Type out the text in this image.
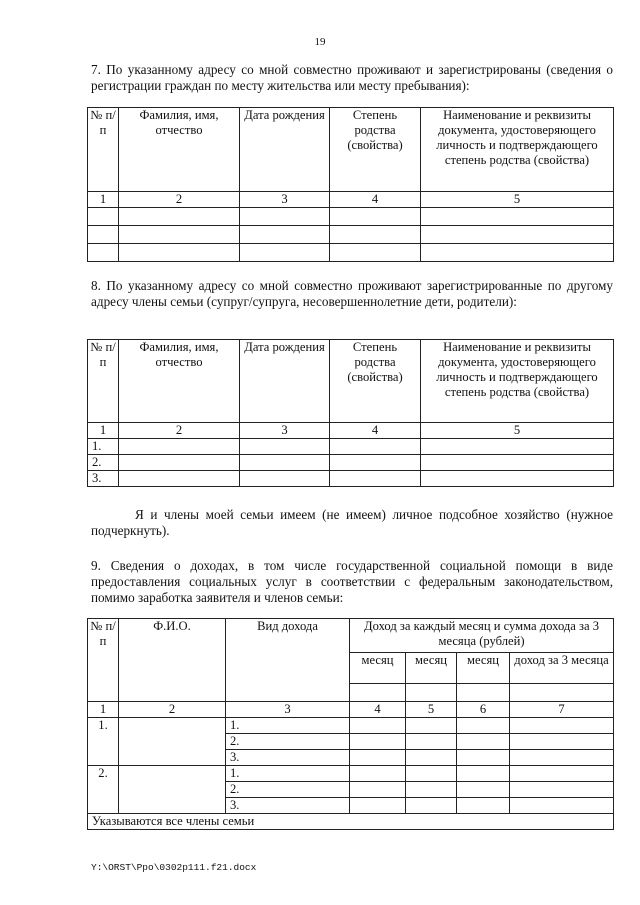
19
7. По указанному адресу со мной совместно проживают и зарегистрированы (сведения о регистрации граждан по месту жительства или месту пребывания):
№ п/п	Фамилия, имя, отчество	Дата рождения	Степень родства (свойства)	Наименование и реквизиты документа, удостоверяющего личность и подтверждающего степень родства (свойства)
1	2	3	4	5

8. По указанному адресу со мной совместно проживают зарегистрированные по другому адресу члены семьи (супруг/супруга, несовершеннолетние дети, родители):
№ п/п	Фамилия, имя, отчество	Дата рождения	Степень родства (свойства)	Наименование и реквизиты документа, удостоверяющего личность и подтверждающего степень родства (свойства)
1	2	3	4	5
1.				
2.				
3.				
Я и члены моей семьи имеем (не имеем) личное подсобное хозяйство (нужное подчеркнуть).
9. Сведения о доходах, в том числе государственной социальной помощи в виде предоставления социальных услуг в соответствии с федеральным законодательством, помимо заработка заявителя и членов семьи:
№ п/п	Ф.И.О.	Вид дохода	Доход за каждый месяц и сумма дохода за 3 месяца (рублей)			
			месяц	месяц	месяц	доход за 3 месяца

1	2	3	4	5	6	7
1.		1.				
		2.				
		3.				
2.		1.				
		2.				
		3.				
Указываются все члены семьи						
Y:\ORST\Ppo\0302p111.f21.docx
